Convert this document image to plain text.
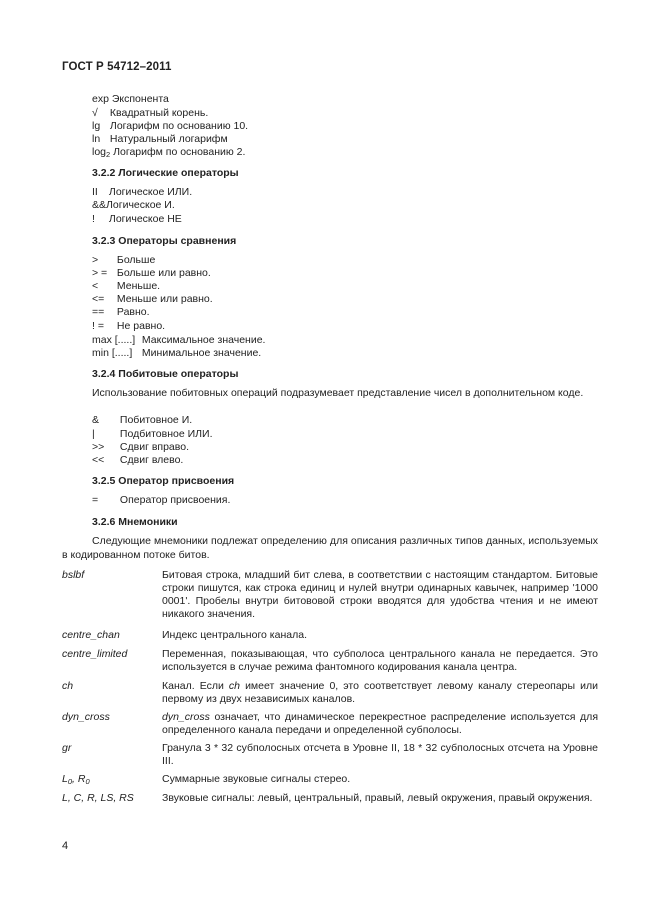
ГОСТ Р 54712–2011
exp Экспонента
√ Квадратный корень.
lg Логарифм по основанию 10.
ln Натуральный логарифм
$\log_2$ Логарифм по основанию 2.
3.2.2 Логические операторы
II Логическое ИЛИ.
&&Логическое И.
! Логическое НЕ
3.2.3 Операторы сравнения
> Больше
> = Больше или равно.
< Меньше.
<= Меньше или равно.
== Равно.
! = Не равно.
max [.....] Максимальное значение.
min [.....] Минимальное значение.
3.2.4 Побитовые операторы
Использование побитовных операций подразумевает представление чисел в дополнительном коде.
& Побитовное И.
| Подбитовное ИЛИ.
>> Сдвиг вправо.
<< Сдвиг влево.
3.2.5 Оператор присвоения
= Оператор присвоения.
3.2.6 Мнемоники
Следующие мнемоники подлежат определению для описания различных типов данных, используемых в кодированном потоке битов.
bslbf	Битовая строка, младший бит слева, в соответствии с настоящим стандартом. Битовые строки пишутся, как строка единиц и нулей внутри одинарных кавычек, например '1000 0001'. Пробелы внутри битововой строки вводятся для удобства чтения и не имеют никакого значения.
centre_chan	Индекс центрального канала.
centre_limited	Переменная, показывающая, что субполоса центрального канала не передается. Это используется в случае режима фантомного кодирования канала центра.
ch	Канал. Если ch имеет значение 0, это соответствует левому каналу стереопары или первому из двух независимых каналов.
dyn_cross	dyn_cross означает, что динамическое перекрестное распределение используется для определенного канала передачи и определенной субполосы.
gr	Гранула 3 * 32 субполосных отсчета в Уровне II, 18 * 32 субполосных отсчета на Уровне III.
$L_0$, $R_0$	Суммарные звуковые сигналы стерео.
L, C, R, LS, RS	Звуковые сигналы: левый, центральный, правый, левый окружения, правый окружения.
4
